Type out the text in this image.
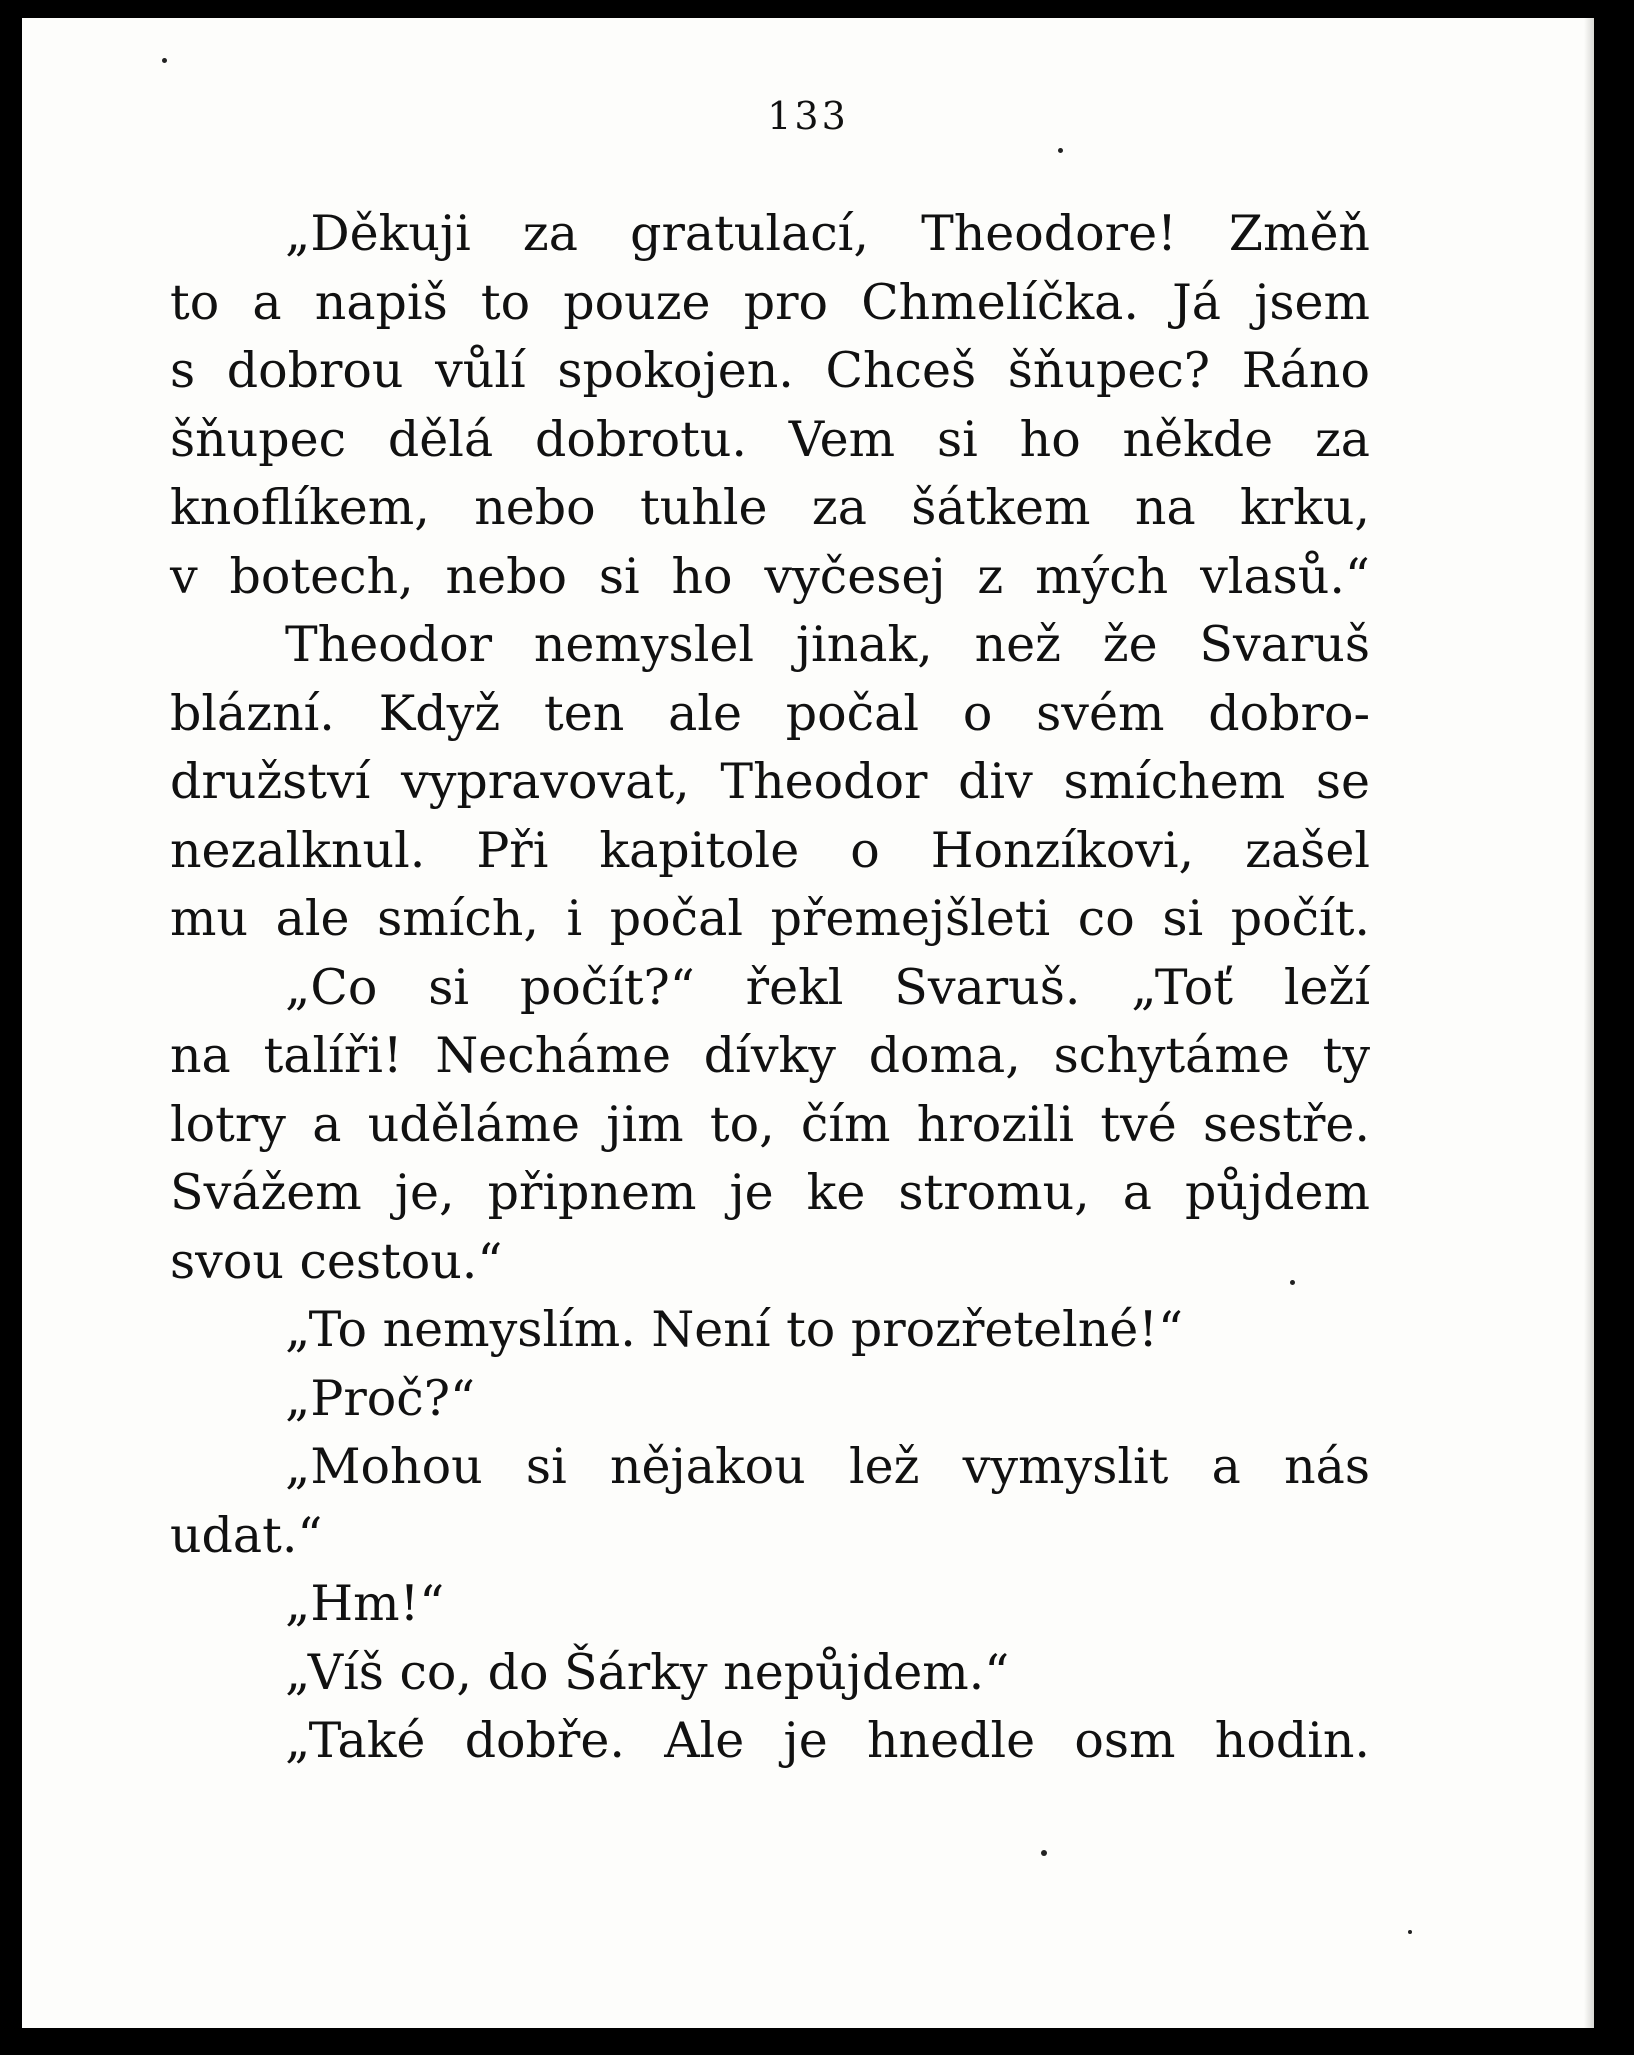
133
„Děkuji za gratulací, Theodore! Změň
to a napiš to pouze pro Chmelíčka. Já jsem
s dobrou vůlí spokojen. Chceš šňupec? Ráno
šňupec dělá dobrotu. Vem si ho někde za
knoflíkem, nebo tuhle za šátkem na krku,
v botech, nebo si ho vyčesej z mých vlasů.“
Theodor nemyslel jinak, než že Svaruš
blázní. Když ten ale počal o svém dobro-
družství vypravovat, Theodor div smíchem se
nezalknul. Při kapitole o Honzíkovi, zašel
mu ale smích, i počal přemejšleti co si počít.
„Co si počít?“ řekl Svaruš. „Toť leží
na talíři! Necháme dívky doma, schytáme ty
lotry a uděláme jim to, čím hrozili tvé sestře.
Svážem je, připnem je ke stromu, a půjdem
svou cestou.“
„To nemyslím. Není to prozřetelné!“
„Proč?“
„Mohou si nějakou lež vymyslit a nás
udat.“
„Hm!“
„Víš co, do Šárky nepůjdem.“
„Také dobře. Ale je hnedle osm hodin.
